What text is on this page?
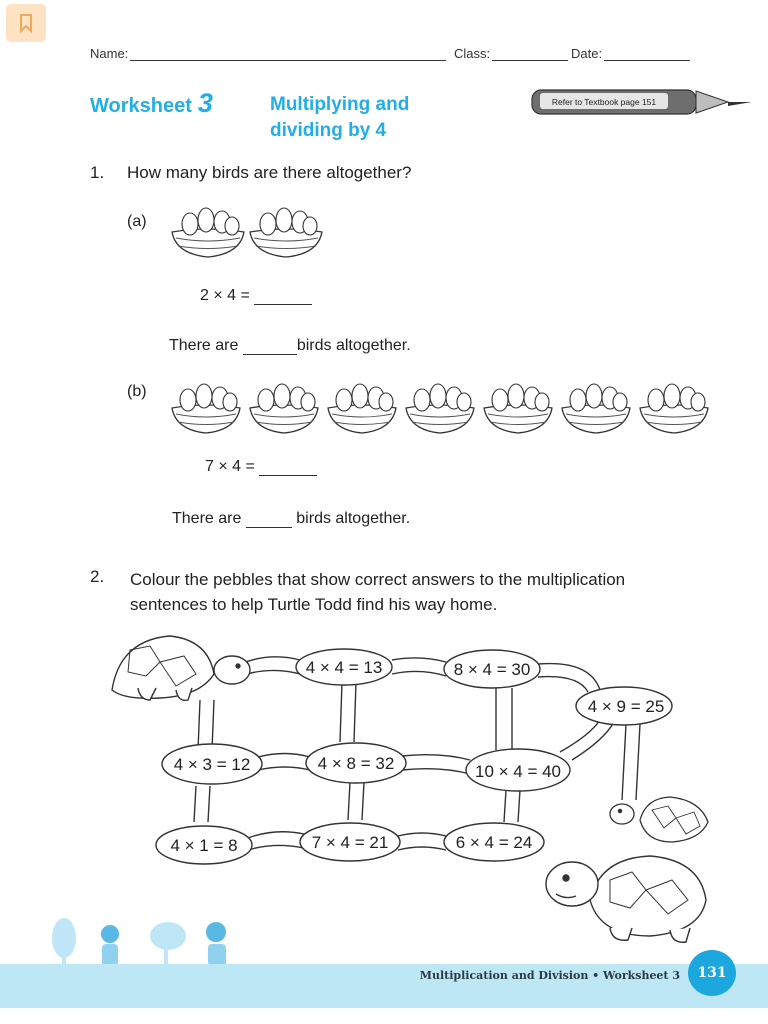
Name:	Class:	Date:
Worksheet 3	Multiplying and
dividing by 4
Refer to Textbook page 151
1. How many birds are there altogether?
(a)
2 × 4 =
There are	birds altogether.
(b)
7 × 4 =
There are	birds altogether.
2. Colour the pebbles that show correct answers to the multiplication
sentences to help Turtle Todd find his way home.
4 × 4 = 13	8 × 4 = 30
4 × 9 = 25
4 × 3 = 12	4 × 8 = 32	10 × 4 = 40
4 × 1 = 8	7 × 4 = 21	6 × 4 = 24
Multiplication and Division • Worksheet 3	131
